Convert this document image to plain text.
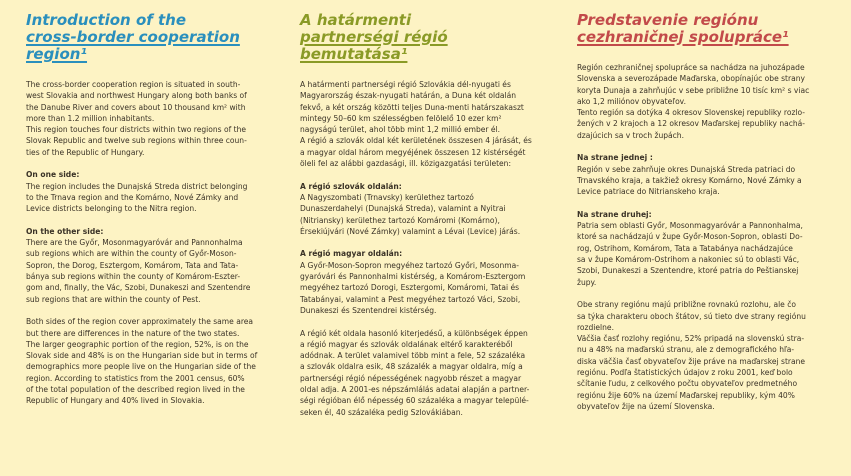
Introduction of the
cross-border cooperation region¹

The cross-border cooperation region is situated in south-

west Slovakia and northwest Hungary along both banks of

the Danube River and covers about 10 thousand km² with

more than 1.2 million inhabitants.

This region touches four districts within two regions of the

Slovak Republic and twelve sub regions within three coun-

ties of the Republic of Hungary.

On one side:

The region includes the Dunajská Streda district belonging

to the Trnava region and the Komárno, Nové Zámky and

Levice districts belonging to the Nitra region.

On the other side:

There are the Győr, Mosonmagyaróvár and Pannonhalma

sub regions which are within the county of Győr-Moson-

Sopron, the Dorog, Esztergom, Komárom, Tata and Tata-

bánya sub regions within the county of Komárom-Eszter-

gom and, finally, the Vác, Szobi, Dunakeszi and Szentendre

sub regions that are within the county of Pest.

Both sides of the region cover approximately the same area

but there are differences in the nature of the two states.

The larger geographic portion of the region, 52%, is on the

Slovak side and 48% is on the Hungarian side but in terms of

demographics more people live on the Hungarian side of the

region. According to statistics from the 2001 census, 60%

of the total population of the described region lived in the

Republic of Hungary and 40% lived in Slovakia.

A határmenti
partnerségi régió bemutatása¹

A határmenti partnerségi régió Szlovákia dél-nyugati és

Magyarország észak-nyugati határán, a Duna két oldalán

fekvő, a két ország közötti teljes Duna-menti határszakaszt

mintegy 50–60 km szélességben felölelő 10 ezer km²

nagyságú terület, ahol több mint 1,2 millió ember él.

A régió a szlovák oldal két kerületének összesen 4 járását, és

a magyar oldal három megyéjének összesen 12 kistérségét

öleli fel az alábbi gazdasági, ill. közigazgatási területen:

A régió szlovák oldalán:

A Nagyszombati (Trnavsky) kerülethez tartozó

Dunaszerdahelyi (Dunajská Streda), valamint a Nyitrai

(Nitriansky) kerülethez tartozó Komáromi (Komárno),

Érsekiújvári (Nové Zámky) valamint a Lévai (Levice) járás.

A régió magyar oldalán:

A Győr-Moson-Sopron megyéhez tartozó Győri, Mosonma-

gyaróvári és Pannonhalmi kistérség, a Komárom-Esztergom

megyéhez tartozó Dorogi, Esztergomi, Komáromi, Tatai és

Tatabányai, valamint a Pest megyéhez tartozó Váci, Szobi,

Dunakeszi és Szentendrei kistérség.

A régió két oldala hasonló kiterjedésű, a különbségek éppen

a régió magyar és szlovák oldalának eltérő karakteréből

adódnak. A terület valamivel több mint a fele, 52 százaléka

a szlovák oldalra esik, 48 százalék a magyar oldalra, míg a

partnerségi régió népességének nagyobb részet a magyar

oldal adja. A 2001-es népszámlálás adatai alapján a partner-

ségi régióban élő népesség 60 százaléka a magyar települé-

seken él, 40 százaléka pedig Szlovákiában.

Predstavenie regiónu
cezhraničnej spolupráce¹

Región cezhraničnej spolupráce sa nachádza na juhozápade

Slovenska a severozápade Maďarska, obopínajúc obe strany

koryta Dunaja a zahrňujúc v sebe približne 10 tisíc km² s viac

ako 1,2 miliónov obyvateľov.

Tento región sa dotýka 4 okresov Slovenskej republiky rozlo-

žených v 2 krajoch a 12 okresov Maďarskej republiky nachá-

dzajúcich sa v troch župách.

Na strane jednej :

Región v sebe zahrňuje okres Dunajská Streda patriaci do

Trnavského kraja, a takžiež okresy Komárno, Nové Zámky a

Levice patriace do Nitrianskeho kraja.

Na strane druhej:

Patria sem oblasti Győr, Mosonmagyaróvár a Pannonhalma,

ktoré sa nachádzajú v župe Győr-Moson-Sopron, oblasti Do-

rog, Ostrihom, Komárom, Tata a Tatabánya nachádzajúce

sa v župe Komárom-Ostrihom a nakoniec sú to oblasti Vác,

Szobi, Dunakeszi a Szentendre, ktoré patria do Peštianskej

župy.

Obe strany regiónu majú približne rovnakú rozlohu, ale čo

sa týka charakteru oboch štátov, sú tieto dve strany regiónu

rozdielne.

Väčšia časť rozlohy regiónu, 52% pripadá na slovenskú stra-

nu a 48% na maďarskú stranu, ale z demografického hľa-

diska väčšia časť obyvateľov žije práve na maďarskej strane

regiónu. Podľa štatistických údajov z roku 2001, keď bolo

sčítanie ľudu, z celkového počtu obyvateľov predmetného

regiónu žije 60% na území Maďarskej republiky, kým 40%

obyvateľov žije na území Slovenska.
